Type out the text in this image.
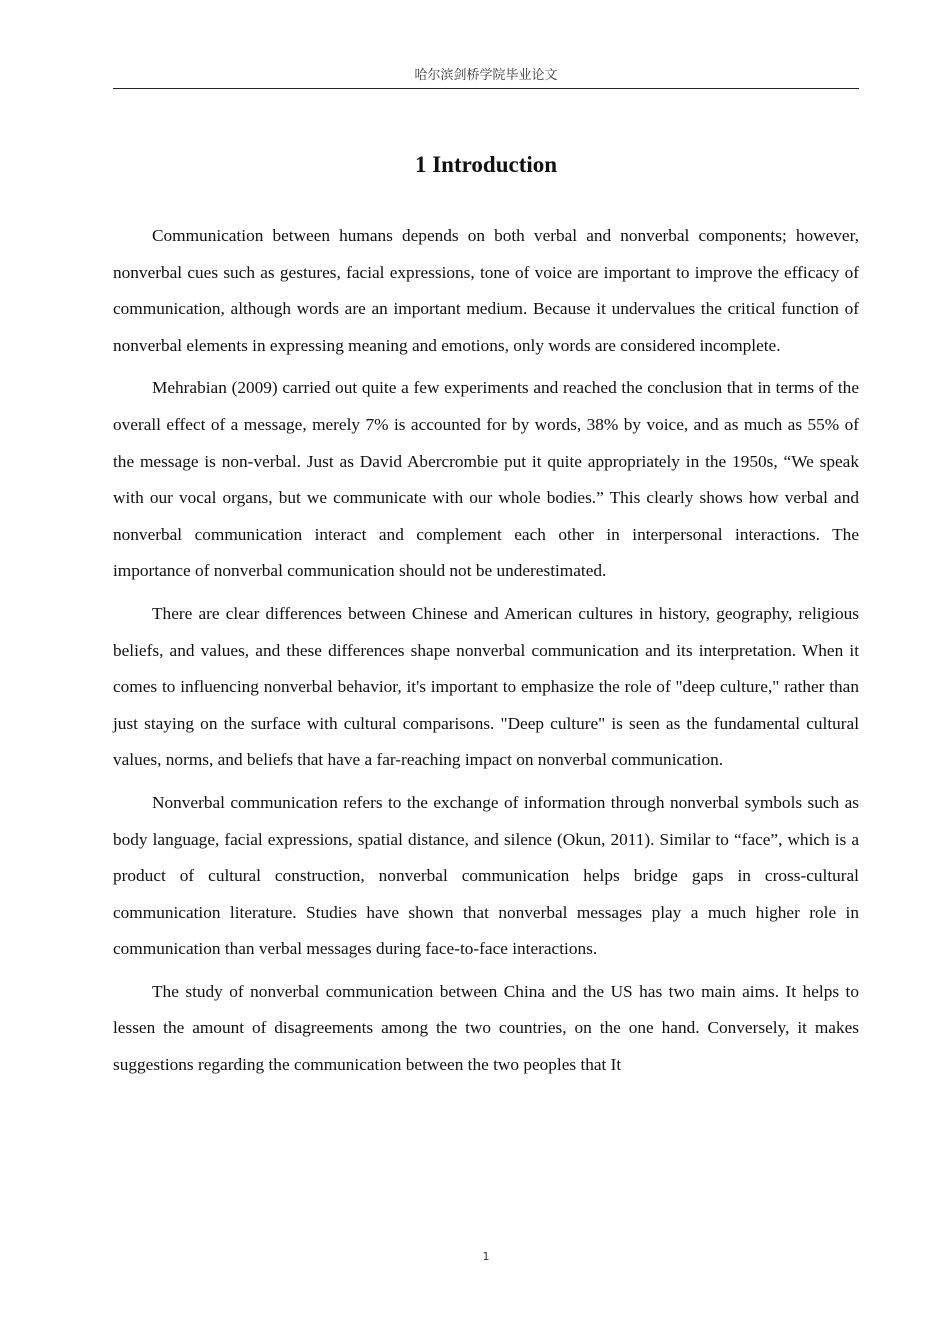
哈尔滨剑桥学院毕业论文
1 Introduction

Communication between humans depends on both verbal and nonverbal components; however, nonverbal cues such as gestures, facial expressions, tone of voice are important to improve the efficacy of communication, although words are an important medium. Because it undervalues the critical function of nonverbal elements in expressing meaning and emotions, only words are considered incomplete.

Mehrabian (2009) carried out quite a few experiments and reached the conclusion that in terms of the overall effect of a message, merely 7% is accounted for by words, 38% by voice, and as much as 55% of the message is non-verbal. Just as David Abercrombie put it quite appropriately in the 1950s, “We speak with our vocal organs, but we communicate with our whole bodies.” This clearly shows how verbal and nonverbal communication interact and complement each other in interpersonal interactions. The importance of nonverbal communication should not be underestimated.

There are clear differences between Chinese and American cultures in history, geography, religious beliefs, and values, and these differences shape nonverbal communication and its interpretation. When it comes to influencing nonverbal behavior, it's important to emphasize the role of "deep culture," rather than just staying on the surface with cultural comparisons. "Deep culture" is seen as the fundamental cultural values, norms, and beliefs that have a far-reaching impact on nonverbal communication.

Nonverbal communication refers to the exchange of information through nonverbal symbols such as body language, facial expressions, spatial distance, and silence (Okun, 2011). Similar to “face”, which is a product of cultural construction, nonverbal communication helps bridge gaps in cross-cultural communication literature. Studies have shown that nonverbal messages play a much higher role in communication than verbal messages during face-to-face interactions.

The study of nonverbal communication between China and the US has two main aims. It helps to lessen the amount of disagreements among the two countries, on the one hand. Conversely, it makes suggestions regarding the communication between the two peoples that It

1
